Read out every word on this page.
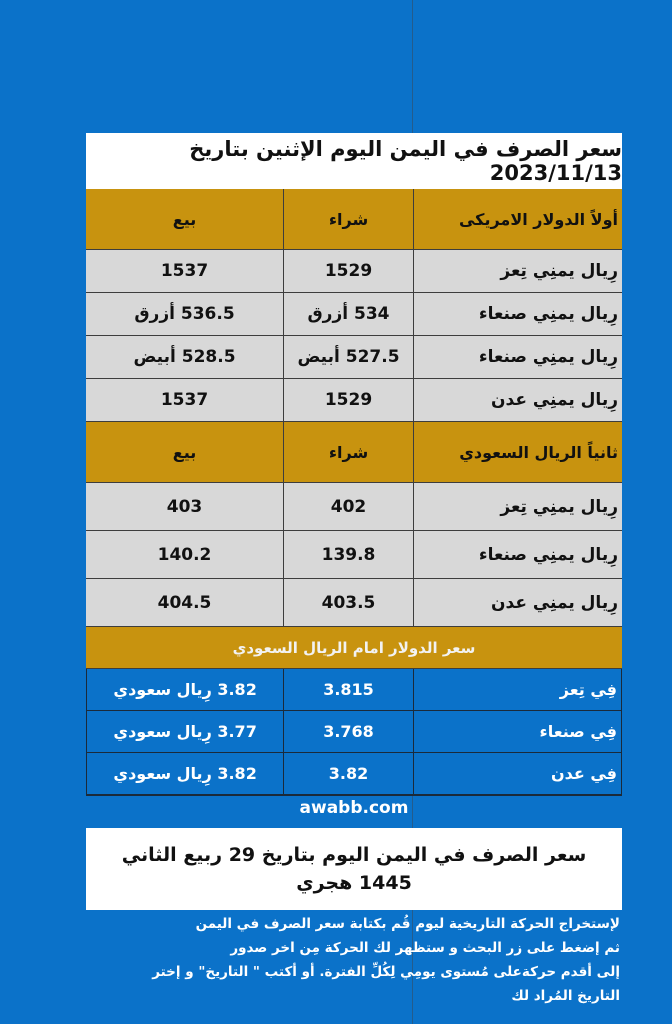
سعر الصرف في اليمن اليوم الإثنين بتاريخ 2023/11/13
أولاً الدولار الامريكى
شراء
بيع
رِيال يمنِي تِعز
1529
1537
رِيال يمنِي صنعاء
534 أزرق
536.5 أزرق
رِيال يمنِي صنعاء
527.5 أبيض
528.5 أبيض
رِيال يمنِي عدن
1529
1537
ثانياً الريال السعودي
شراء
بيع
رِيال يمنِي تِعز
402
403
رِيال يمنِي صنعاء
139.8
140.2
رِيال يمنِي عدن
403.5
404.5
سعر الدولار امام الريال السعودي
فِي تِعز
3.815
3.82 رِيال سعودي
فِي صنعاء
3.768
3.77 رِيال سعودي
فِي عدن
3.82
3.82 رِيال سعودي
awabb.com
سعر الصرف في اليمن اليوم بتاريخ 29 ربيع الثاني 1445 هجري
لإستخراج الحركة التاريخية ليوم قُم بكتابة سعر الصرف في اليمن
ثم إضغط على زر البحث و ستظهر لك الحركة مِن اخر صدور
إلى أقدم حركةعلى مُستوى يومِي لِكُلِّ الفترة. أو أكتب " التاريخ" و إختر
التاريخ المُراد لك
